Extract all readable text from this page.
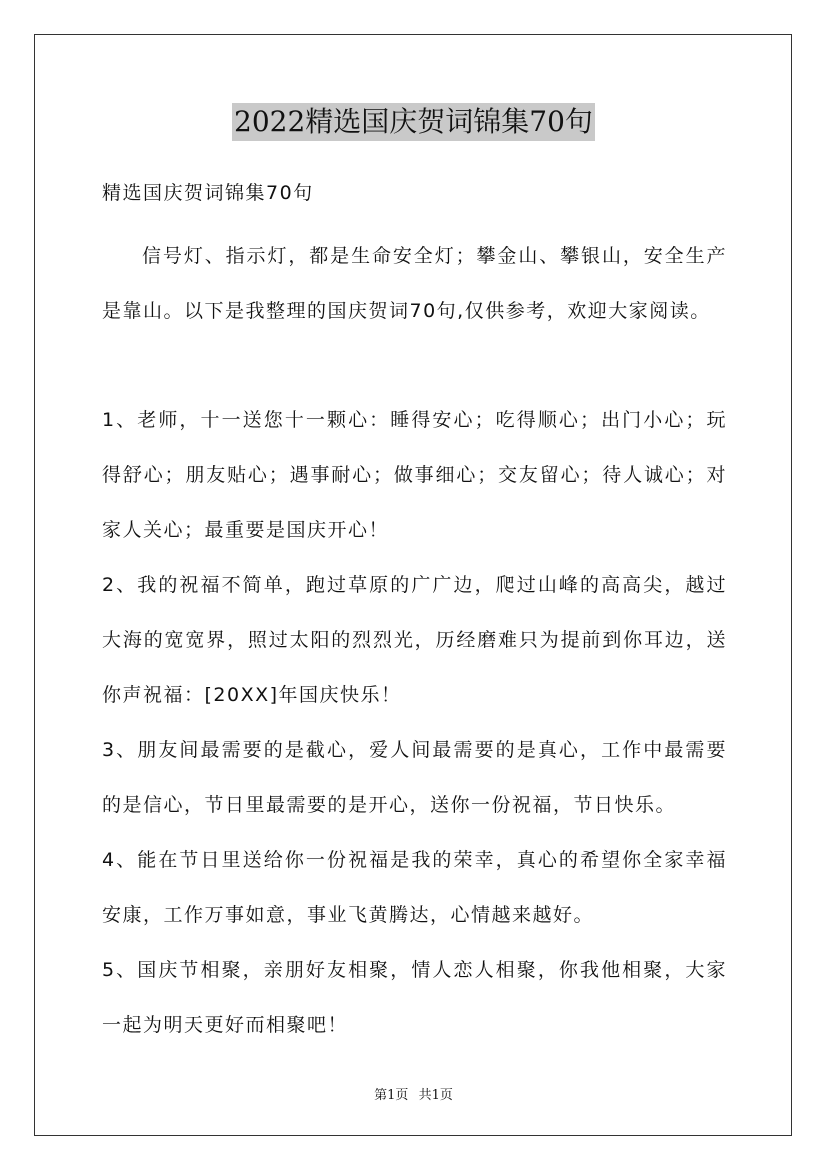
2022精选国庆贺词锦集70句

精选国庆贺词锦集70句

信号灯、指示灯，都是生命安全灯；攀金山、攀银山，安全生产是靠山。以下是我整理的国庆贺词70句,仅供参考，欢迎大家阅读。

1、老师，十一送您十一颗心：睡得安心；吃得顺心；出门小心；玩得舒心；朋友贴心；遇事耐心；做事细心；交友留心；待人诚心；对家人关心；最重要是国庆开心！

2、我的祝福不简单，跑过草原的广广边，爬过山峰的高高尖，越过大海的宽宽界，照过太阳的烈烈光，历经磨难只为提前到你耳边，送你声祝福：[20XX]年国庆快乐！

3、朋友间最需要的是截心，爱人间最需要的是真心，工作中最需要的是信心，节日里最需要的是开心，送你一份祝福，节日快乐。

4、能在节日里送给你一份祝福是我的荣幸，真心的希望你全家幸福安康，工作万事如意，事业飞黄腾达，心情越来越好。

5、国庆节相聚，亲朋好友相聚，情人恋人相聚，你我他相聚，大家一起为明天更好而相聚吧！

第1页 共1页
